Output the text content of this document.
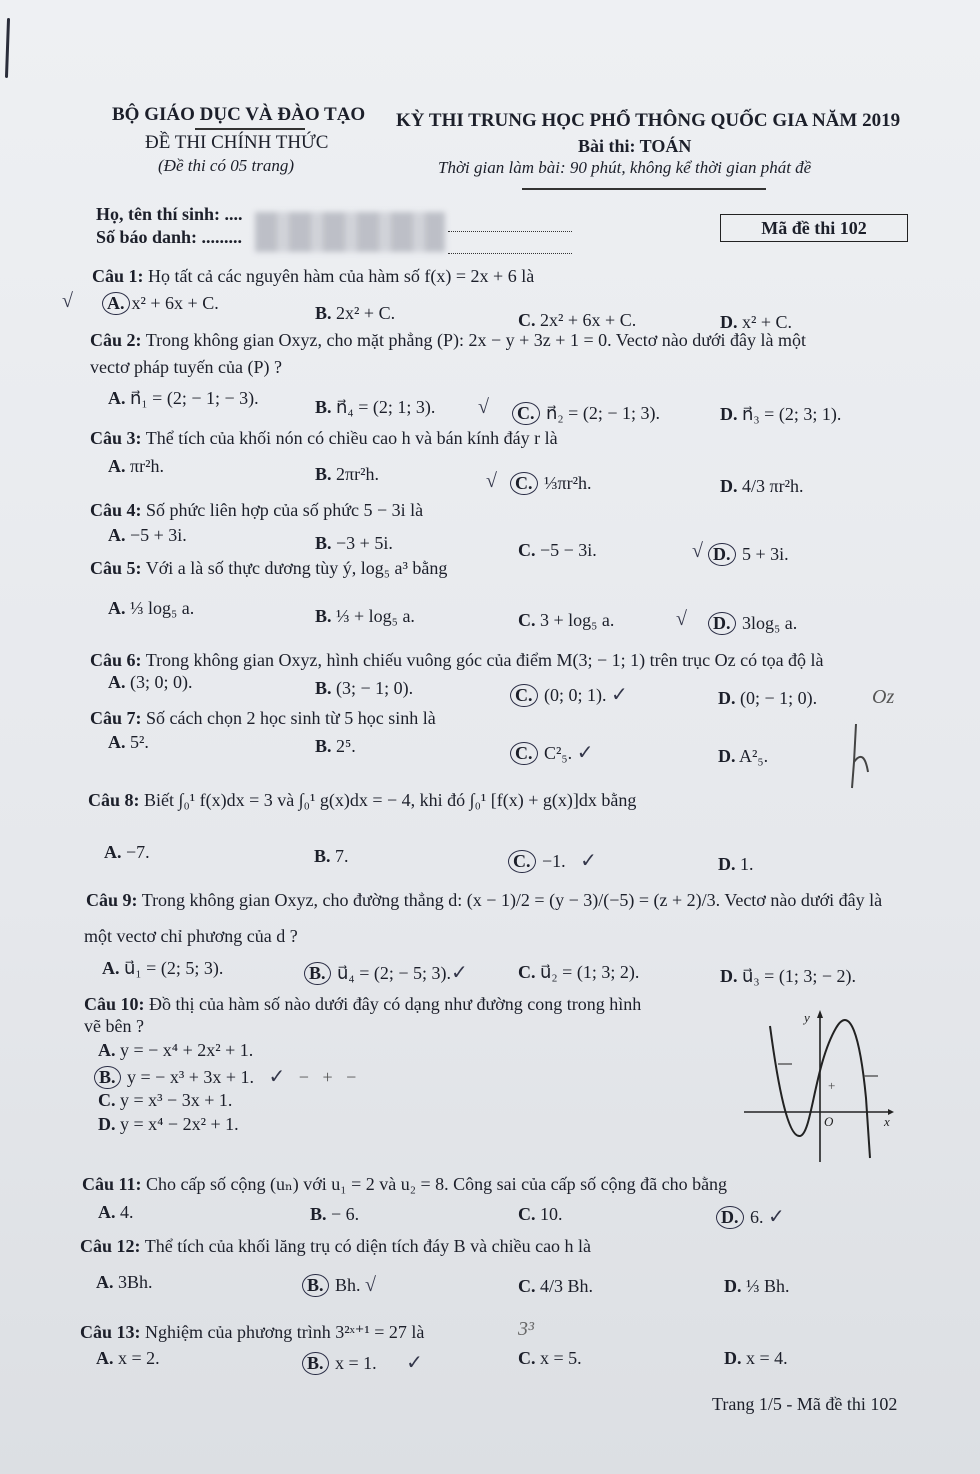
BỘ GIÁO DỤC VÀ ĐÀO TẠO
ĐỀ THI CHÍNH THỨC
(Đề thi có 05 trang)
KỲ THI TRUNG HỌC PHỔ THÔNG QUỐC GIA NĂM 2019
Bài thi: TOÁN
Thời gian làm bài: 90 phút, không kể thời gian phát đề
Họ, tên thí sinh: ....
Số báo danh: .........	Mã đề thi 102
Câu 1: Họ tất cả các nguyên hàm của hàm số f(x) = 2x + 6 là
√ A. x² + 6x + C.	B. 2x² + C.	C. 2x² + 6x + C.	D. x² + C.
Câu 2: Trong không gian Oxyz, cho mặt phẳng (P): 2x − y + 3z + 1 = 0. Vectơ nào dưới đây là một
vectơ pháp tuyến của (P) ?
A. n⃗₁ = (2; − 1; − 3).	B. n⃗₄ = (2; 1; 3). √ C. n⃗₂ = (2; − 1; 3).	D. n⃗₃ = (2; 3; 1).
Câu 3: Thể tích của khối nón có chiều cao h và bán kính đáy r là
A. πr²h.	B. 2πr²h.	√ C. ⅓πr²h.	D. 4/3 πr²h.
Câu 4: Số phức liên hợp của số phức 5 − 3i là
A. −5 + 3i.	B. −3 + 5i.	C. −5 − 3i.	√ D. 5 + 3i.
Câu 5: Với a là số thực dương tùy ý, log₅ a³ bằng
A. ⅓ log₅ a.	B. ⅓ + log₅ a.	C. 3 + log₅ a.	√ D. 3log₅ a.
Câu 6: Trong không gian Oxyz, hình chiếu vuông góc của điểm M(3; − 1; 1) trên trục Oz có tọa độ là
A. (3; 0; 0).	B. (3; − 1; 0).	C. (0; 0; 1). ✓	D. (0; − 1; 0).	Oz
Câu 7: Số cách chọn 2 học sinh từ 5 học sinh là
A. 5².	B. 2⁵.	C. C²₅. ✓	D. A²₅.
Câu 8: Biết ∫₀¹ f(x)dx = 3 và ∫₀¹ g(x)dx = − 4, khi đó ∫₀¹ [f(x) + g(x)]dx bằng
A. −7.	B. 7.	C. −1.   ✓	D. 1.
Câu 9: Trong không gian Oxyz, cho đường thẳng d: (x − 1)/2 = (y − 3)/(−5) = (z + 2)/3. Vectơ nào dưới đây là
một vectơ chỉ phương của d ?
A. u⃗₁ = (2; 5; 3).	B. u⃗₄ = (2; − 5; 3).✓	C. u⃗₂ = (1; 3; 2).	D. u⃗₃ = (1; 3; − 2).
Câu 10: Đồ thị của hàm số nào dưới đây có dạng như đường cong trong hình
vẽ bên ?
A. y = − x⁴ + 2x² + 1.
B. y = − x³ + 3x + 1.   ✓   −   +   −
C. y = x³ − 3x + 1.
D. y = x⁴ − 2x² + 1.
+
y
x
O
Câu 11: Cho cấp số cộng (uₙ) với u₁ = 2 và u₂ = 8. Công sai của cấp số cộng đã cho bằng
A. 4.	B. − 6.	C. 10.	D. 6. ✓
Câu 12: Thể tích của khối lăng trụ có diện tích đáy B và chiều cao h là
A. 3Bh.	B. Bh. √	C. 4/3 Bh.	D. ⅓ Bh.
Câu 13: Nghiệm của phương trình 3²ˣ⁺¹ = 27 là	3³
A. x = 2.	B. x = 1.      ✓	C. x = 5.	D. x = 4.
Trang 1/5 - Mã đề thi 102
